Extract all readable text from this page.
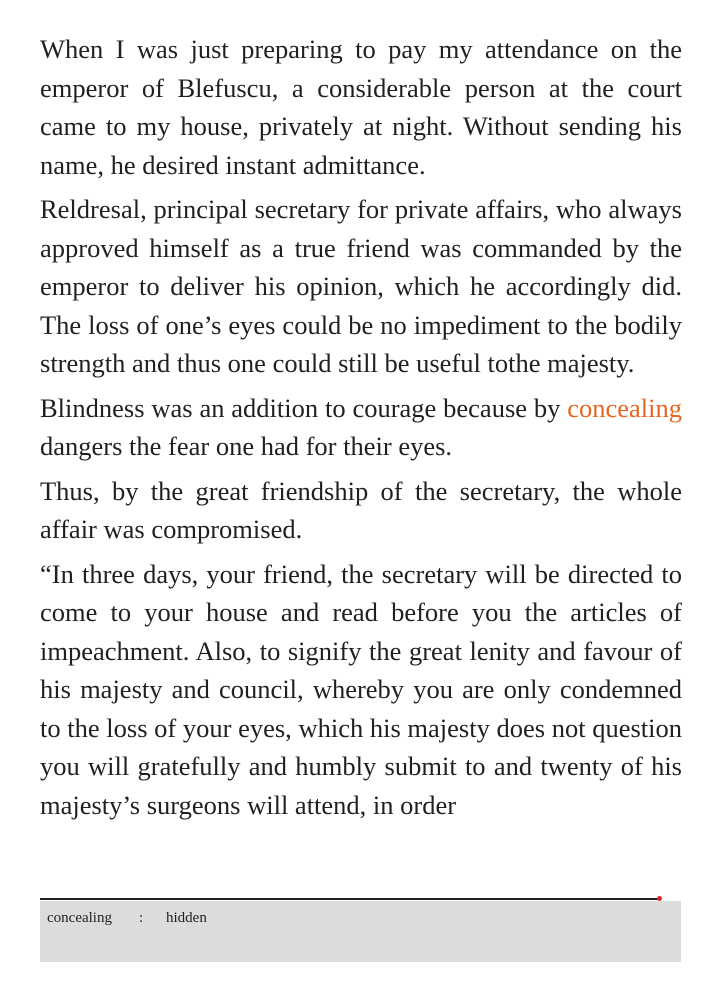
When I was just preparing to pay my attendance on the emperor of Blefuscu, a considerable person at the court came to my house, privately at night. Without sending his name, he desired instant admittance.

Reldresal, principal secretary for private affairs, who always approved himself as a true friend was commanded by the emperor to deliver his opinion, which he accordingly did. The loss of one’s eyes could be no impediment to the bodily strength and thus one could still be useful tothe majesty.

Blindness was an addition to courage because by concealing dangers the fear one had for their eyes.

Thus, by the great friendship of the secretary, the whole affair was compromised.

“In three days, your friend, the secretary will be directed to come to your house and read before you the articles of impeachment. Also, to signify the great lenity and favour of his majesty and council, whereby you are only condemned to the loss of your eyes, which his majesty does not question you will gratefully and humbly submit to and twenty of his majesty’s surgeons will attend, in order

concealing : hidden
